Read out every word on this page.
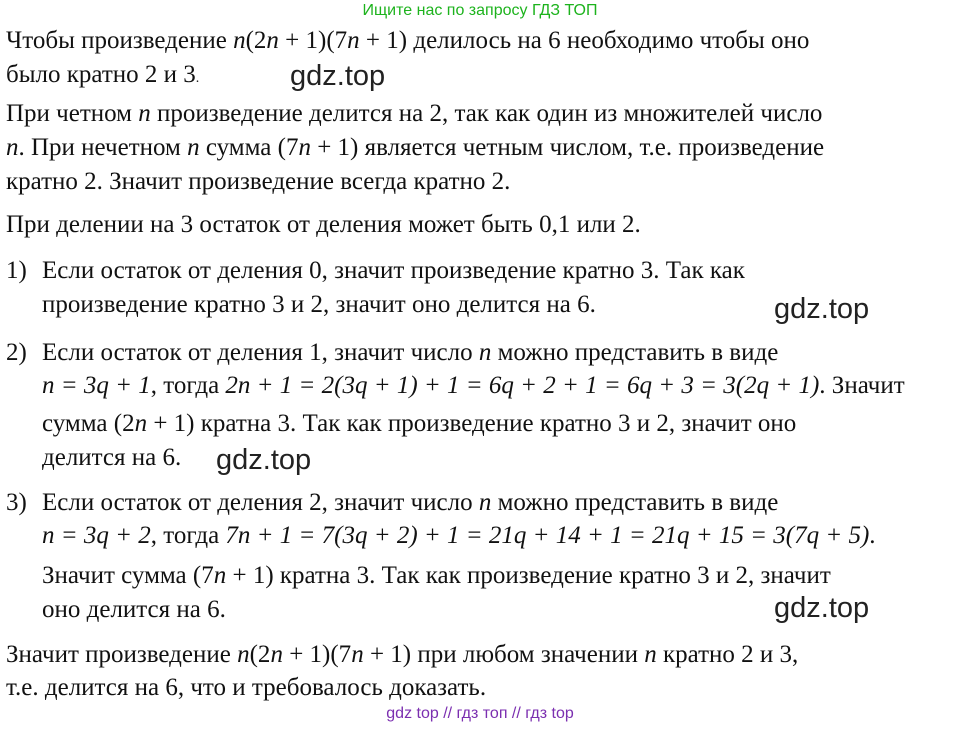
Ищите нас по запросу ГДЗ ТОП
Чтобы произведение n(2n + 1)(7n + 1) делилось на 6 необходимо чтобы оно
было кратно 2 и 3.	gdz.top
При четном n произведение делится на 2, так как один из множителей число
n. При нечетном n сумма (7n + 1) является четным числом, т.е. произведение
кратно 2. Значит произведение всегда кратно 2.
При делении на 3 остаток от деления может быть 0,1 или 2.
1) Если остаток от деления 0, значит произведение кратно 3. Так как
произведение кратно 3 и 2, значит оно делится на 6.	gdz.top
2) Если остаток от деления 1, значит число n можно представить в виде
n = 3q + 1, тогда 2n + 1 = 2(3q + 1) + 1 = 6q + 2 + 1 = 6q + 3 = 3(2q + 1). Значит
сумма (2n + 1) кратна 3. Так как произведение кратно 3 и 2, значит оно
делится на 6. gdz.top
3) Если остаток от деления 2, значит число n можно представить в виде
n = 3q + 2, тогда 7n + 1 = 7(3q + 2) + 1 = 21q + 14 + 1 = 21q + 15 = 3(7q + 5).
Значит сумма (7n + 1) кратна 3. Так как произведение кратно 3 и 2, значит
оно делится на 6.	gdz.top
Значит произведение n(2n + 1)(7n + 1) при любом значении n кратно 2 и 3,
т.е. делится на 6, что и требовалось доказать.
gdz top // гдз топ // гдз top
